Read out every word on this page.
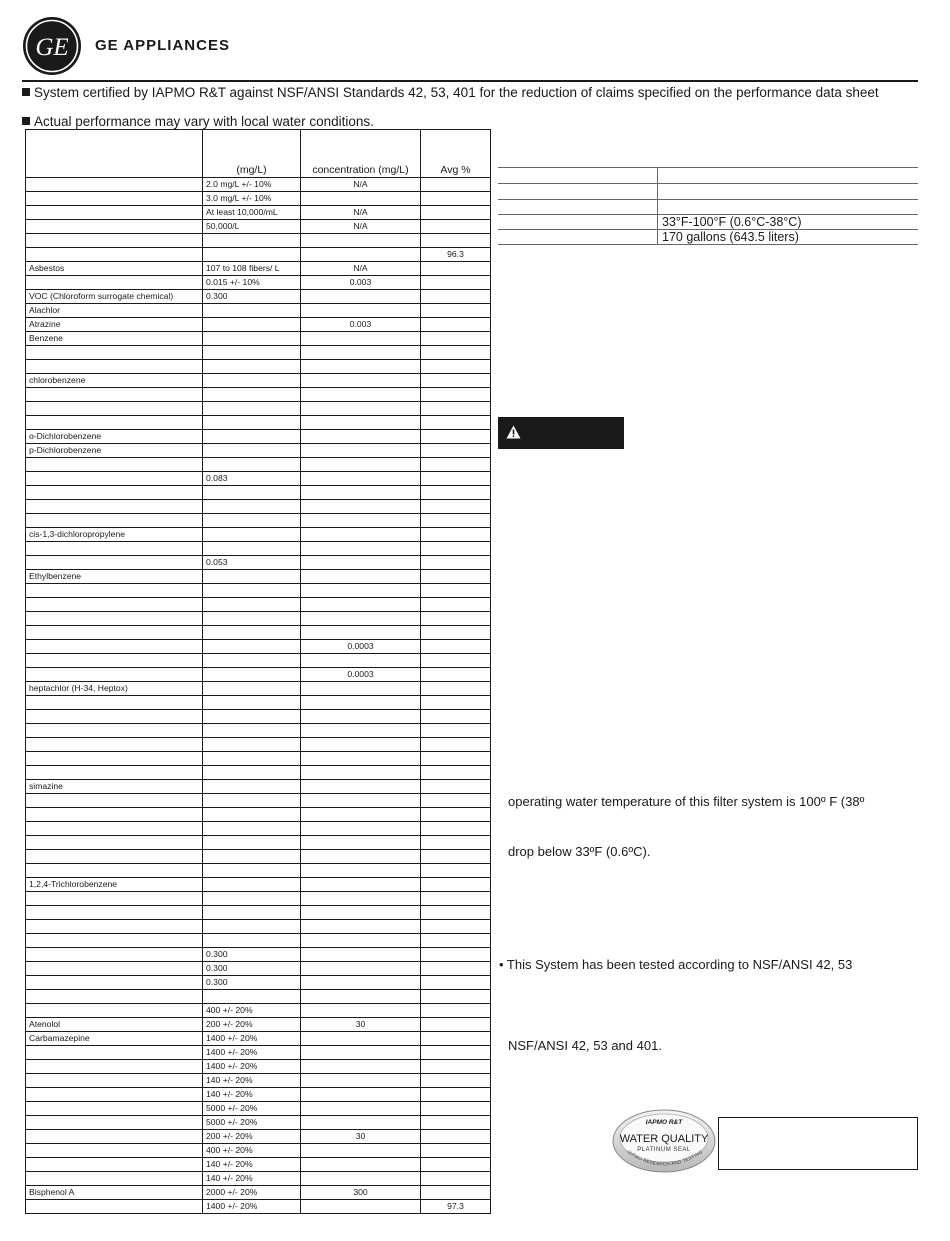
GE GE APPLIANCES
System certified by IAPMO R&T against NSF/ANSI Standards 42, 53, 401 for the reduction of claims specified on the performance data sheet
Actual performance may vary with local water conditions.
	(mg/L)	concentration (mg/L)	Avg %
	2.0 mg/L +/- 10%	N/A	
	3.0 mg/L +/- 10%		
	At least 10,000/mL	N/A	
	50,000/L	N/A	

			96.3
Asbestos	107 to 108 fibers/ L	N/A	
	0.015 +/- 10%	0.003	
VOC (Chloroform surrogate chemical)	0.300		
Alachlor			
Atrazine		0.003	
Benzene			

chlorobenzene			

o-Dichlorobenzene			
p-Dichlorobenzene			

	0.083		

cis-1,3-dichloropropylene			

	0.053		
Ethylbenzene			

		0.0003	

		0.0003	
heptachlor (H-34, Heptox)			

simazine			

1,2,4-Trichlorobenzene			

	0.300		
	0.300		
	0.300		

	400 +/- 20%		
Atenolol	200 +/- 20%	30	
Carbamazepine	1400 +/- 20%		
	1400 +/- 20%		
	1400 +/- 20%		
	140 +/- 20%		
	140 +/- 20%		
	5000 +/- 20%		
	5000 +/- 20%		
	200 +/- 20%	30	
	400 +/- 20%		
	140 +/- 20%		
	140 +/- 20%		
Bisphenol A	2000 +/- 20%	300	
	1400 +/- 20%		97.3
33°F-100°F (0.6°C-38°C)
170 gallons (643.5 liters)
operating water temperature of this filter system is 100º F (38º
drop below 33ºF (0.6ºC).
• This System has been tested according to NSF/ANSI 42, 53
NSF/ANSI 42, 53 and 401.
IAPMO R&T
WATER QUALITY
PLATINUM SEAL
IAPMO RESEARCH AND TESTING
